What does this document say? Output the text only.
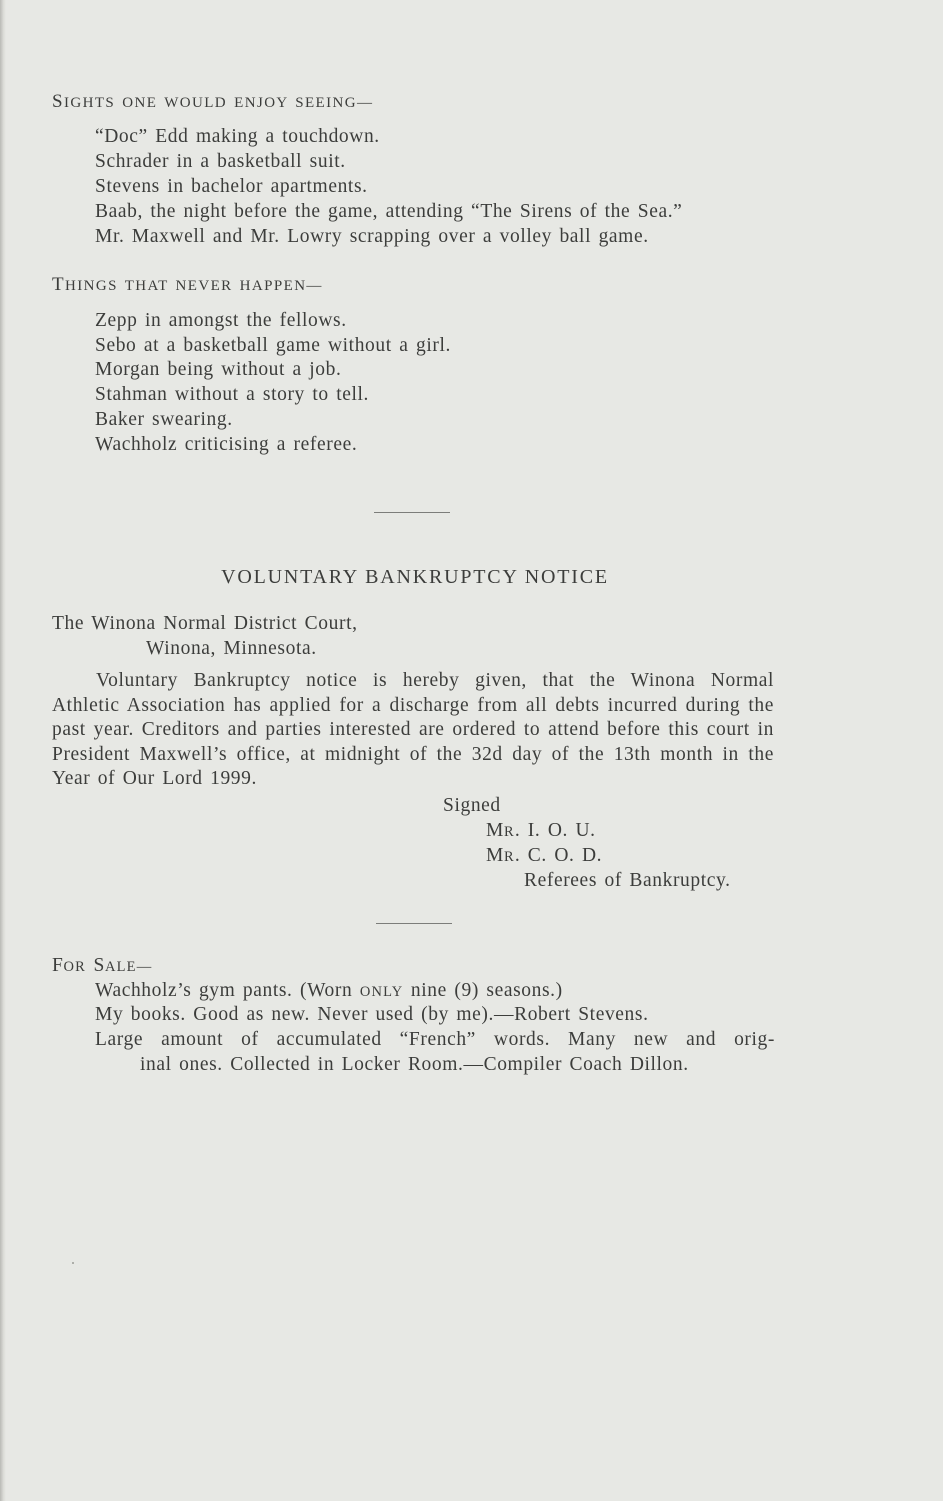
SIGHTS ONE WOULD ENJOY SEEING—
“Doc” Edd making a touchdown.
Schrader in a basketball suit.
Stevens in bachelor apartments.
Baab, the night before the game, attending “The Sirens of the Sea.”
Mr. Maxwell and Mr. Lowry scrapping over a volley ball game.
THINGS THAT NEVER HAPPEN—
Zepp in amongst the fellows.
Sebo at a basketball game without a girl.
Morgan being without a job.
Stahman without a story to tell.
Baker swearing.
Wachholz criticising a referee.
VOLUNTARY BANKRUPTCY NOTICE
The Winona Normal District Court,
Winona, Minnesota.
Voluntary Bankruptcy notice is hereby given, that the Winona Normal Athletic Association has applied for a discharge from all debts incurred during the past year. Creditors and parties interested are ordered to attend before this court in President Maxwell’s office, at midnight of the 32d day of the 13th month in the Year of Our Lord 1999.
Signed
MR. I. O. U.
MR. C. O. D.
Referees of Bankruptcy.
FOR SALE—
Wachholz’s gym pants. (Worn ONLY nine (9) seasons.)
My books. Good as new. Never used (by me).—Robert Stevens.
Large amount of accumulated “French” words. Many new and orig-
inal ones. Collected in Locker Room.—Compiler Coach Dillon.
